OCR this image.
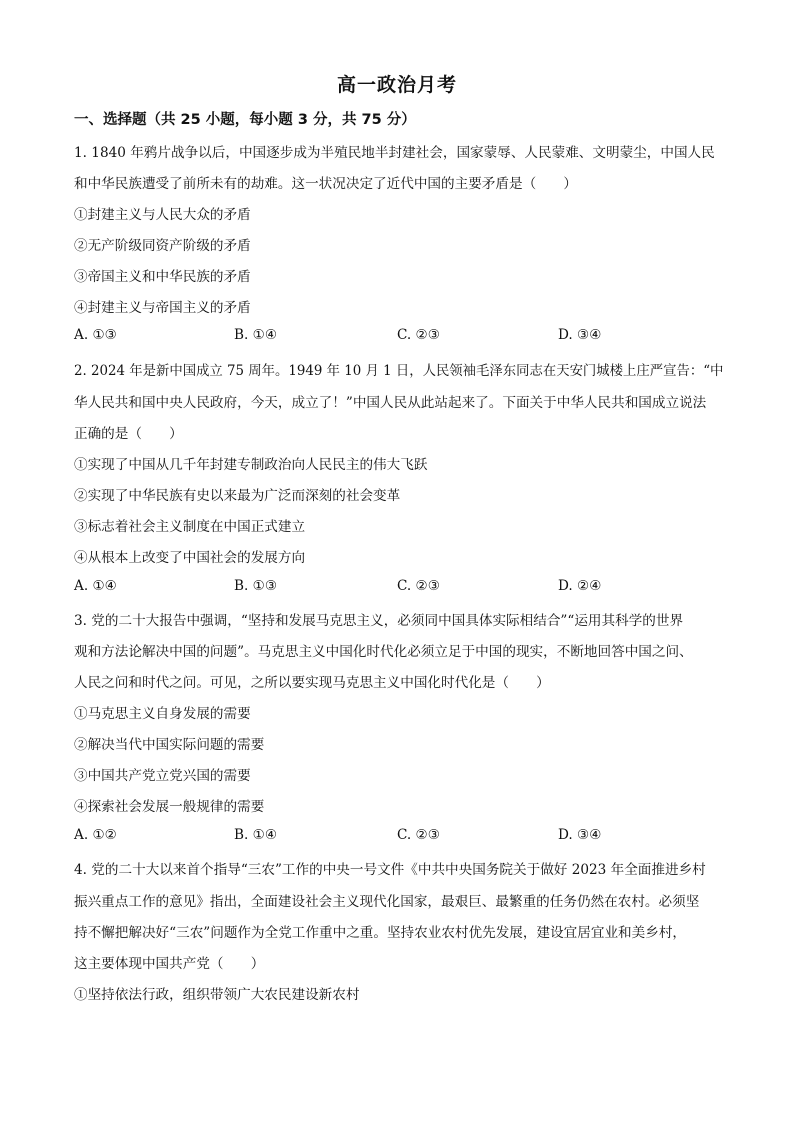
高一政治月考
一、选择题（共 25 小题，每小题 3 分，共 75 分）
1. 1840 年鸦片战争以后，中国逐步成为半殖民地半封建社会，国家蒙辱、人民蒙难、文明蒙尘，中国人民
和中华民族遭受了前所未有的劫难。这一状况决定了近代中国的主要矛盾是（　　）
①封建主义与人民大众的矛盾
②无产阶级同资产阶级的矛盾
③帝国主义和中华民族的矛盾
④封建主义与帝国主义的矛盾
A. ①③	B. ①④	C. ②③	D. ③④
2. 2024 年是新中国成立 75 周年。1949 年 10 月 1 日，人民领袖毛泽东同志在天安门城楼上庄严宣告：“中
华人民共和国中央人民政府，今天，成立了！”中国人民从此站起来了。下面关于中华人民共和国成立说法
正确的是（　　）
①实现了中国从几千年封建专制政治向人民民主的伟大飞跃
②实现了中华民族有史以来最为广泛而深刻的社会变革
③标志着社会主义制度在中国正式建立
④从根本上改变了中国社会的发展方向
A. ①④	B. ①③	C. ②③	D. ②④
3. 党的二十大报告中强调，“坚持和发展马克思主义，必须同中国具体实际相结合”“运用其科学的世界
观和方法论解决中国的问题”。马克思主义中国化时代化必须立足于中国的现实，不断地回答中国之问、
人民之问和时代之问。可见，之所以要实现马克思主义中国化时代化是（　　）
①马克思主义自身发展的需要
②解决当代中国实际问题的需要
③中国共产党立党兴国的需要
④探索社会发展一般规律的需要
A. ①②	B. ①④	C. ②③	D. ③④
4. 党的二十大以来首个指导“三农”工作的中央一号文件《中共中央国务院关于做好 2023 年全面推进乡村
振兴重点工作的意见》指出，全面建设社会主义现代化国家，最艰巨、最繁重的任务仍然在农村。必须坚
持不懈把解决好“三农”问题作为全党工作重中之重。坚持农业农村优先发展，建设宜居宜业和美乡村，
这主要体现中国共产党（　　）
①坚持依法行政，组织带领广大农民建设新农村
